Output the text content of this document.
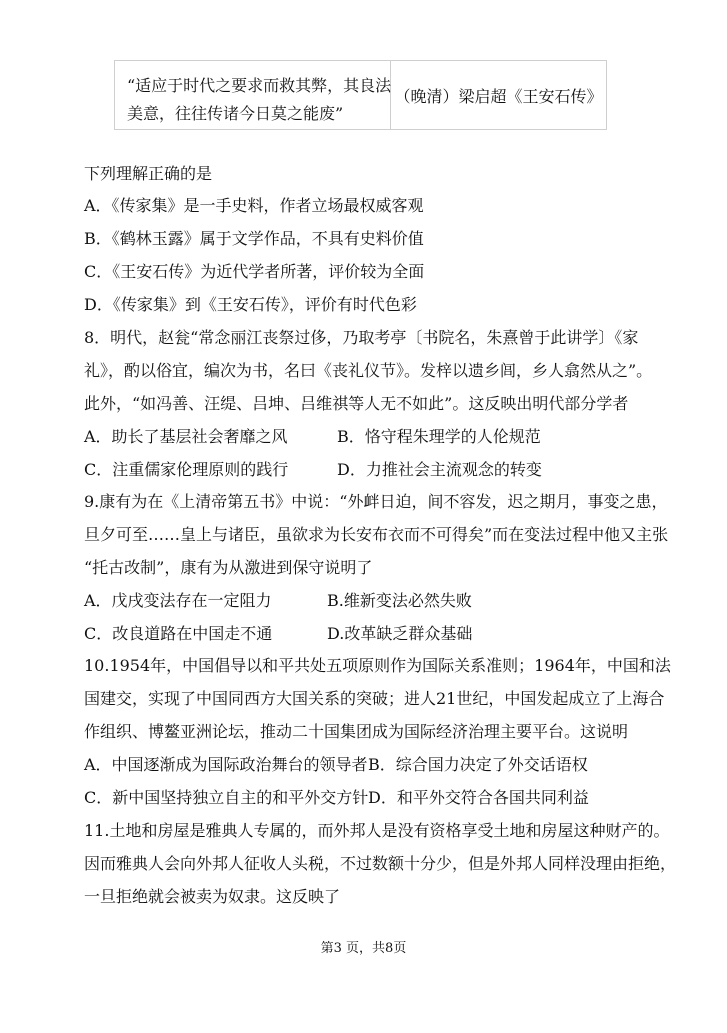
“适应于时代之要求而救其弊，其良法
美意，往往传诸今日莫之能废”
（晚清）梁启超《王安石传》
下列理解正确的是
A．《传家集》是一手史料，作者立场最权威客观
B．《鹤林玉露》属于文学作品，不具有史料价值
C．《王安石传》为近代学者所著，评价较为全面
D．《传家集》到《王安石传》，评价有时代色彩
8．明代，赵瓮“常念丽江丧祭过侈，乃取考亭〔书院名，朱熹曾于此讲学〕《家
礼》，酌以俗宜，编次为书，名曰《丧礼仪节》。发梓以遗乡闾，乡人翕然从之”。
此外，“如冯善、汪缇、吕坤、吕维祺等人无不如此”。这反映出明代部分学者
A．助长了基层社会奢靡之风	B．恪守程朱理学的人伦规范
C．注重儒家伦理原则的践行	D．力推社会主流观念的转变
9.康有为在《上清帝第五书》中说：“外衅日迫，间不容发，迟之期月，事变之患，
旦夕可至……皇上与诸臣，虽欲求为长安布衣而不可得矣”而在变法过程中他又主张
“托古改制”，康有为从激进到保守说明了
A．戊戌变法存在一定阻力	B.维新变法必然失败
C．改良道路在中国走不通	D.改革缺乏群众基础
10.1954年，中国倡导以和平共处五项原则作为国际关系准则；1964年，中国和法
国建交，实现了中国同西方大国关系的突破；进人21世纪，中国发起成立了上海合
作组织、博鳌亚洲论坛，推动二十国集团成为国际经济治理主要平台。这说明
A．中国逐渐成为国际政治舞台的领导者 B．综合国力决定了外交话语权
C．新中国坚持独立自主的和平外交方针 D．和平外交符合各国共同利益
11.土地和房屋是雅典人专属的，而外邦人是没有资格享受土地和房屋这种财产的。
因而雅典人会向外邦人征收人头税，不过数额十分少，但是外邦人同样没理由拒绝，
一旦拒绝就会被卖为奴隶。这反映了
第3 页，共8页
